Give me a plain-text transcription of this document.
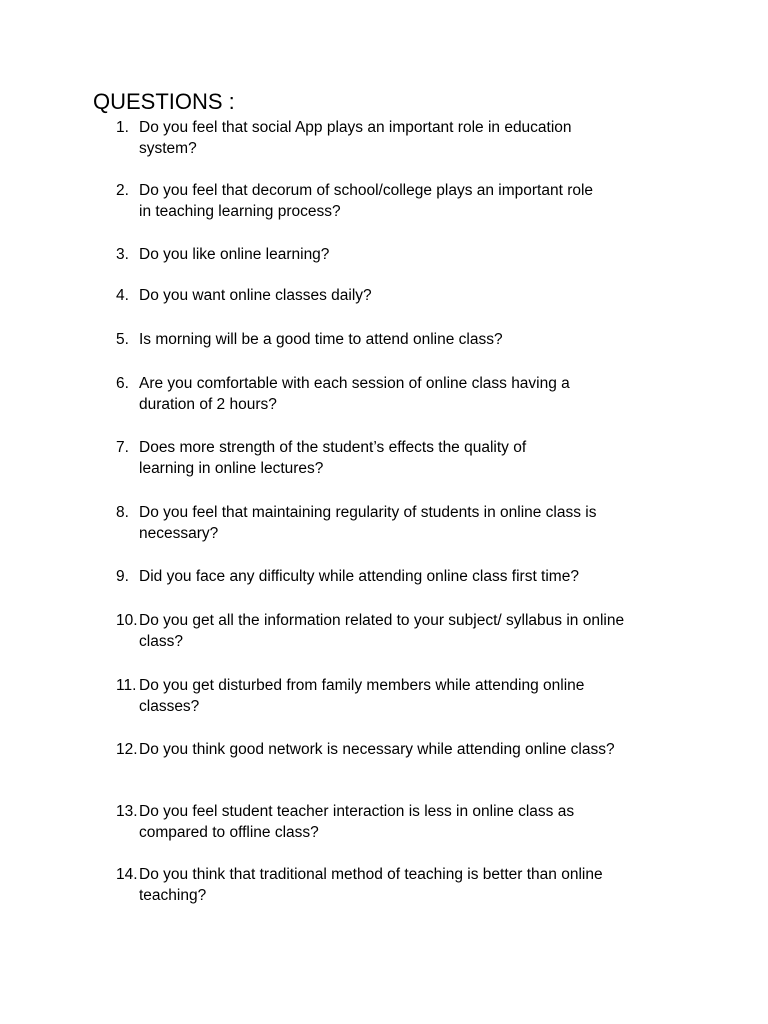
QUESTIONS :
1. Do you feel that social App plays an important role in education
system?
2. Do you feel that decorum of school/college plays an important role
in teaching learning process?
3. Do you like online learning?
4. Do you want online classes daily?
5. Is morning will be a good time to attend online class?
6. Are you comfortable with each session of online class having a
duration of 2 hours?
7. Does more strength of the student’s effects the quality of
learning in online lectures?
8. Do you feel that maintaining regularity of students in online class is
necessary?
9. Did you face any difficulty while attending online class first time?
10. Do you get all the information related to your subject/ syllabus in online
class?
11. Do you get disturbed from family members while attending online
classes?
12. Do you think good network is necessary while attending online class?
13. Do you feel student teacher interaction is less in online class as
compared to offline class?
14. Do you think that traditional method of teaching is better than online
teaching?
